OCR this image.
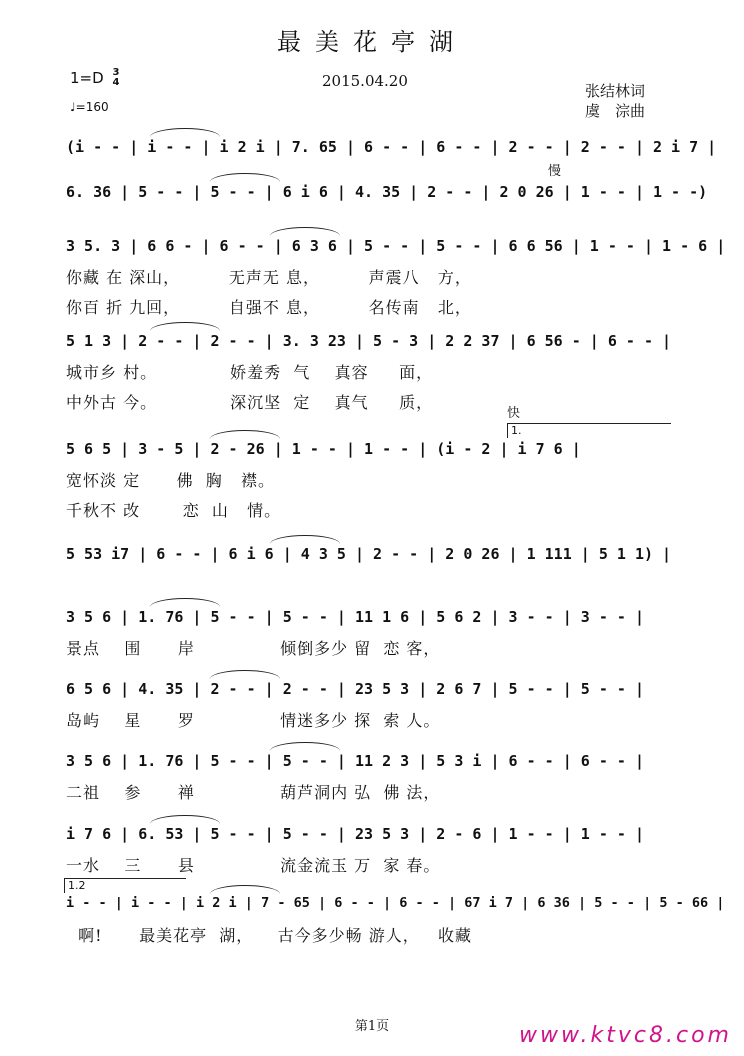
最美花亭湖
1=D 3
4	2015.04.20
张结林词
虞　淙曲
♩=160
慢
快
1.
1.2
(i - - | i - - | i 2 i | 7. 65 | 6 - - | 6 - - | 2 - - | 2 - - | 2 i 7 |
6. 36 | 5 - - | 5 - - | 6 i 6 | 4. 35 | 2 - - | 2 0 26 | 1 - - | 1 - -)
3 5. 3 | 6 6 - | 6 - - | 6 3 6 | 5 - - | 5 - - | 6 6 56 | 1 - - | 1 - 6 |
你藏 在 深山，        无声无 息，        声震八   方，
你百 折 九回，        自强不 息，        名传南   北，
5 1 3 | 2 - - | 2 - - | 3. 3 23 | 5 - 3 | 2 2 37 | 6 56 - | 6 - - |
城市乡 村。            娇羞秀  气    真容     面，
中外古 今。            深沉坚  定    真气     质，
5 6 5 | 3 - 5 | 2 - 26 | 1 - - | 1 - - | (i - 2 | i 7 6 |
宽怀淡 定      佛  胸   襟。
千秋不 改       恋  山   情。
5 53 i7 | 6 - - | 6 i 6 | 4 3 5 | 2 - - | 2 0 26 | 1 111 | 5 1 1) |
3 5 6 | 1. 76 | 5 - - | 5 - - | 11 1 6 | 5 6 2 | 3 - - | 3 - - |
景点    围      岸              倾倒多少 留  恋 客，
6 5 6 | 4. 35 | 2 - - | 2 - - | 23 5 3 | 2 6 7 | 5 - - | 5 - - |
岛屿    星      罗              情迷多少 探  索 人。
3 5 6 | 1. 76 | 5 - - | 5 - - | 11 2 3 | 5 3 i | 6 - - | 6 - - |
二祖    参      禅              葫芦洞内 弘  佛 法，
i 7 6 | 6. 53 | 5 - - | 5 - - | 23 5 3 | 2 - 6 | 1 - - | 1 - - |
一水    三      县              流金流玉 万  家 春。
i - - | i - - | i 2 i | 7 - 65 | 6 - - | 6 - - | 67 i 7 | 6 36 | 5 - - | 5 - 66 |
啊!      最美花亭  湖，    古今多少畅 游人，   收藏
第1页	www.ktvc8.com
